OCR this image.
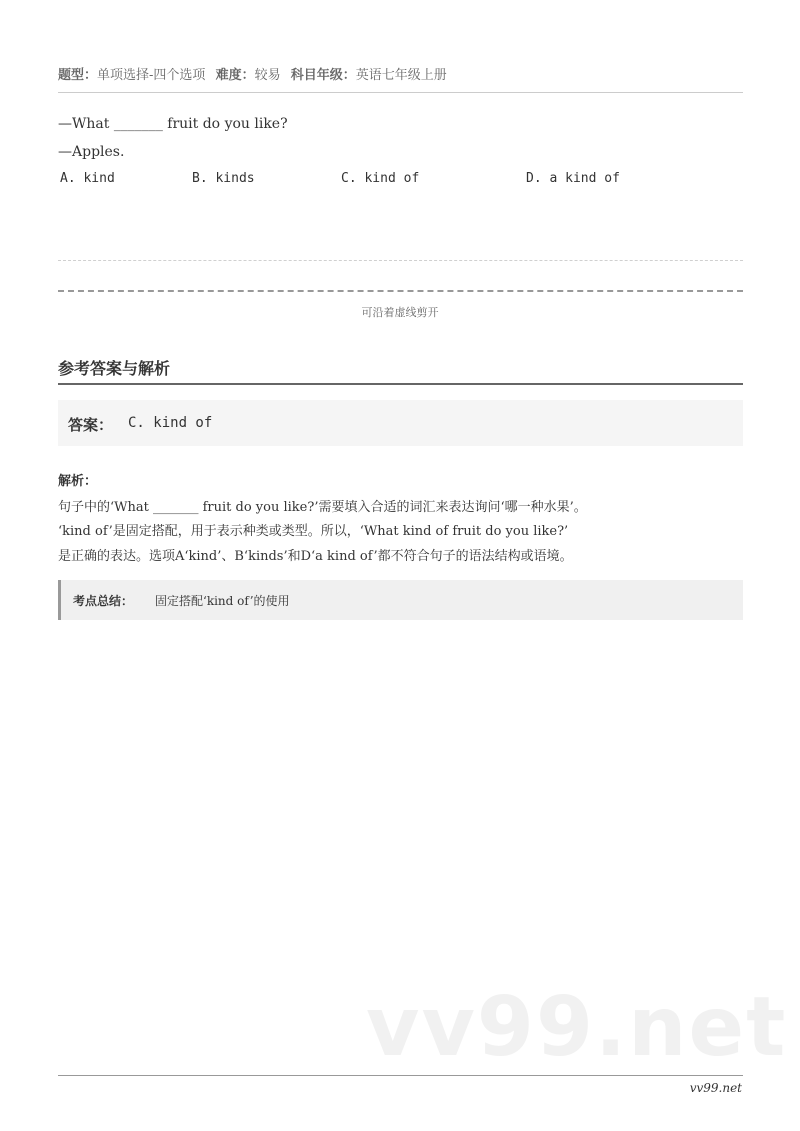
题型：单项选择-四个选项 难度：较易 科目年级：英语七年级上册
—What _______ fruit do you like?
—Apples.
A. kind	B. kinds	C. kind of	D. a kind of
可沿着虚线剪开
参考答案与解析
答案： C. kind of
解析：
句子中的‘What _______ fruit do you like?’需要填入合适的词汇来表达询问‘哪一种水果’。
‘kind of’是固定搭配，用于表示种类或类型。所以，‘What kind of fruit do you like?’
是正确的表达。选项A‘kind’、B‘kinds’和D‘a kind of’都不符合句子的语法结构或语境。
考点总结： 固定搭配‘kind of’的使用
vv99.net
vv99.net
